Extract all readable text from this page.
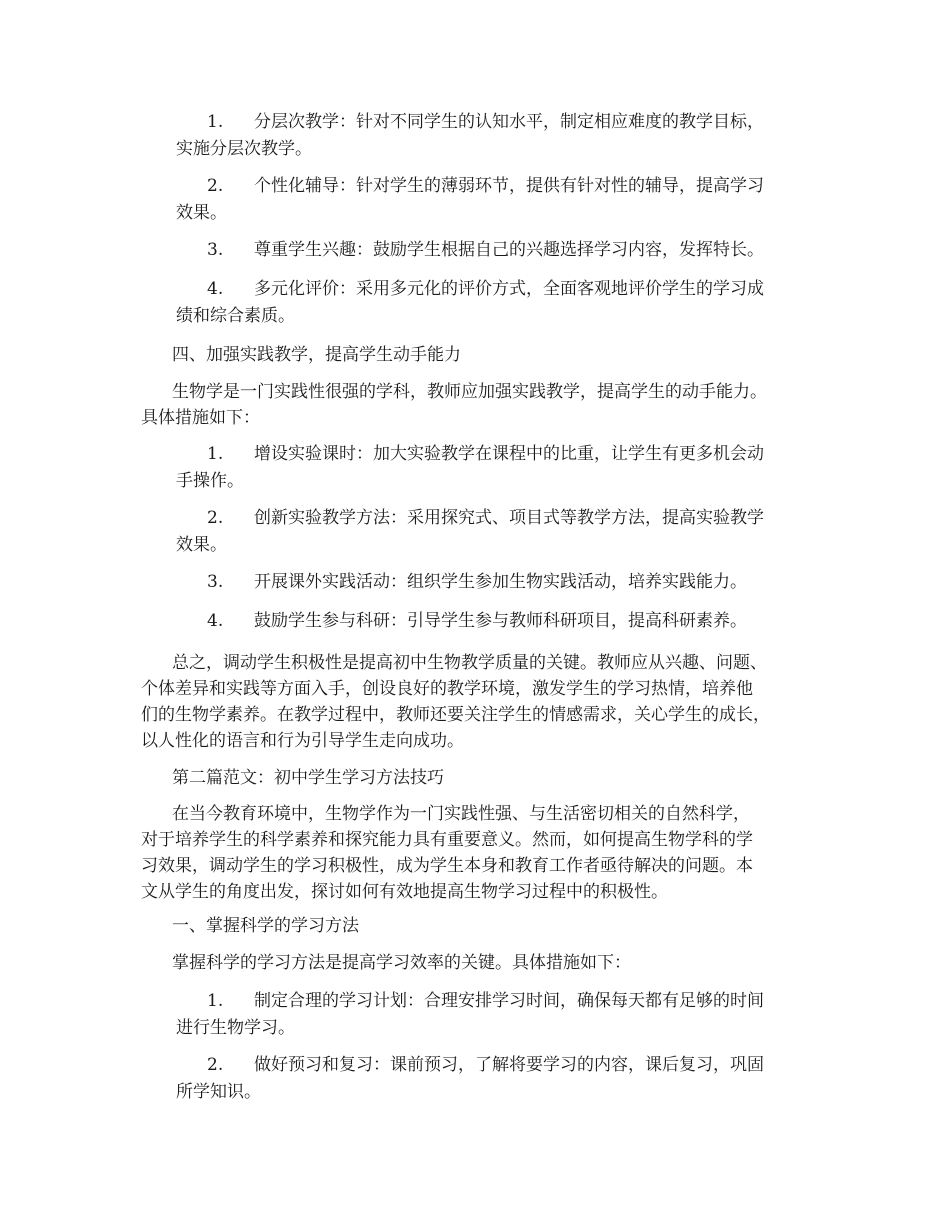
1. 分层次教学：针对不同学生的认知水平，制定相应难度的教学目标，
实施分层次教学。
2. 个性化辅导：针对学生的薄弱环节，提供有针对性的辅导，提高学习
效果。
3. 尊重学生兴趣：鼓励学生根据自己的兴趣选择学习内容，发挥特长。
4. 多元化评价：采用多元化的评价方式，全面客观地评价学生的学习成
绩和综合素质。
四、加强实践教学，提高学生动手能力
生物学是一门实践性很强的学科，教师应加强实践教学，提高学生的动手能力。
具体措施如下：
1. 增设实验课时：加大实验教学在课程中的比重，让学生有更多机会动
手操作。
2. 创新实验教学方法：采用探究式、项目式等教学方法，提高实验教学
效果。
3. 开展课外实践活动：组织学生参加生物实践活动，培养实践能力。
4. 鼓励学生参与科研：引导学生参与教师科研项目，提高科研素养。
总之，调动学生积极性是提高初中生物教学质量的关键。教师应从兴趣、问题、
个体差异和实践等方面入手，创设良好的教学环境，激发学生的学习热情，培养他
们的生物学素养。在教学过程中，教师还要关注学生的情感需求，关心学生的成长，
以人性化的语言和行为引导学生走向成功。
第二篇范文：初中学生学习方法技巧
在当今教育环境中，生物学作为一门实践性强、与生活密切相关的自然科学，
对于培养学生的科学素养和探究能力具有重要意义。然而，如何提高生物学科的学
习效果，调动学生的学习积极性，成为学生本身和教育工作者亟待解决的问题。本
文从学生的角度出发，探讨如何有效地提高生物学习过程中的积极性。
一、掌握科学的学习方法
掌握科学的学习方法是提高学习效率的关键。具体措施如下：
1. 制定合理的学习计划：合理安排学习时间，确保每天都有足够的时间
进行生物学习。
2. 做好预习和复习：课前预习，了解将要学习的内容，课后复习，巩固
所学知识。
